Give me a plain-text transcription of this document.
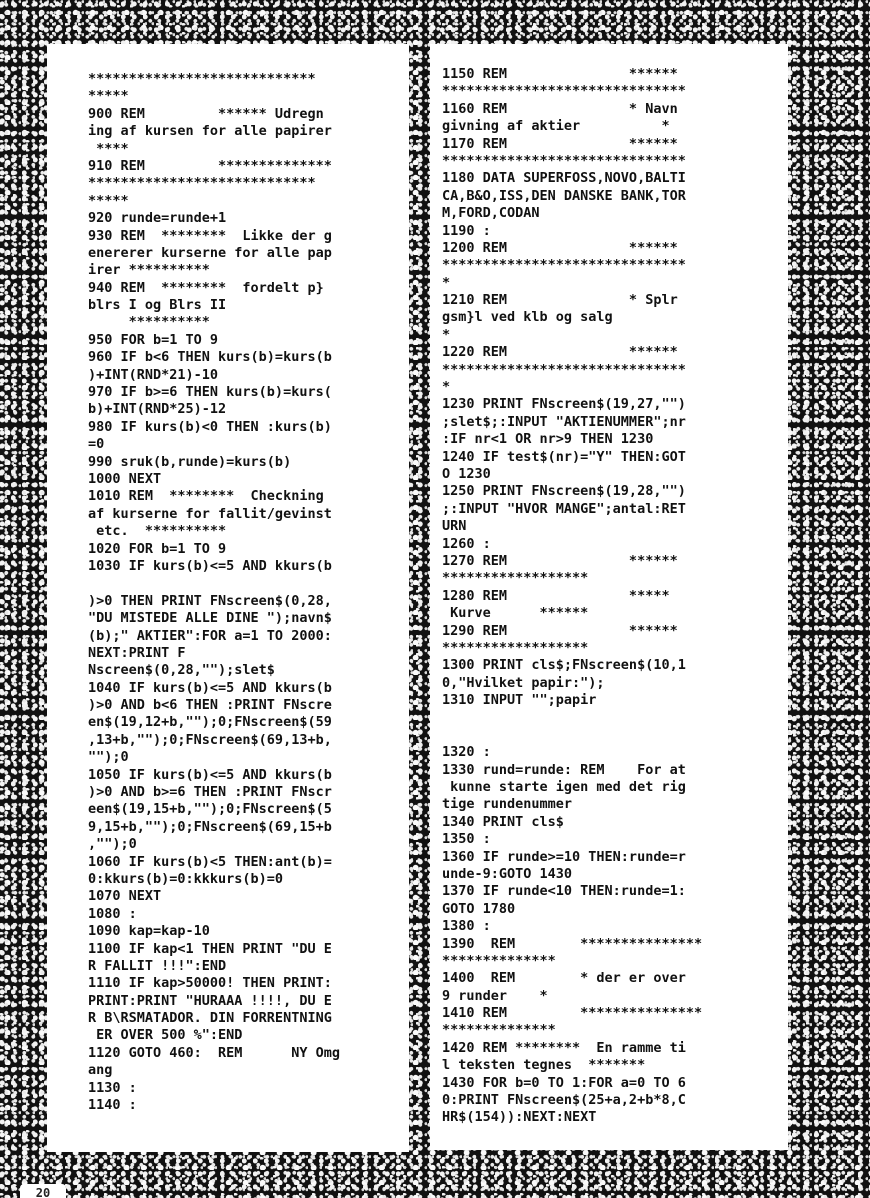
****************************
*****
900 REM         ****** Udregn
ing af kursen for alle papirer
****
910 REM         **************
****************************
*****
920 runde=runde+1
930 REM  ********  Likke der g
enererer kurserne for alle pap
irer **********
940 REM  ********  fordelt p}
blrs I og Blrs II
**********
950 FOR b=1 TO 9
960 IF b<6 THEN kurs(b)=kurs(b
)+INT(RND*21)-10
970 IF b>=6 THEN kurs(b)=kurs(
b)+INT(RND*25)-12
980 IF kurs(b)<0 THEN :kurs(b)
=0
990 sruk(b,runde)=kurs(b)
1000 NEXT
1010 REM  ********  Checkning
af kurserne for fallit/gevinst
etc.  **********
1020 FOR b=1 TO 9
1030 IF kurs(b)<=5 AND kkurs(b
)>0 THEN PRINT FNscreen$(0,28,
"DU MISTEDE ALLE DINE ");navn$
(b);" AKTIER":FOR a=1 TO 2000:
NEXT:PRINT F
Nscreen$(0,28,"");slet$
1040 IF kurs(b)<=5 AND kkurs(b
)>0 AND b<6 THEN :PRINT FNscre
en$(19,12+b,"");0;FNscreen$(59
,13+b,"");0;FNscreen$(69,13+b,
"");0
1050 IF kurs(b)<=5 AND kkurs(b
)>0 AND b>=6 THEN :PRINT FNscr
een$(19,15+b,"");0;FNscreen$(5
9,15+b,"");0;FNscreen$(69,15+b
,"");0
1060 IF kurs(b)<5 THEN:ant(b)=
0:kkurs(b)=0:kkkurs(b)=0
1070 NEXT
1080 :
1090 kap=kap-10
1100 IF kap<1 THEN PRINT "DU E
R FALLIT !!!":END
1110 IF kap>50000! THEN PRINT:
PRINT:PRINT "HURAAA !!!!, DU E
R B\RSMATADOR. DIN FORRENTNING
ER OVER 500 %":END
1120 GOTO 460:  REM      NY Omg
ang
1130 :
1140 :
1150 REM               ******
******************************
1160 REM               * Navn
givning af aktier          *
1170 REM               ******
******************************
1180 DATA SUPERFOSS,NOVO,BALTI
CA,B&O,ISS,DEN DANSKE BANK,TOR
M,FORD,CODAN
1190 :
1200 REM               ******
******************************
*
1210 REM               * Splr
gsm}l ved klb og salg
*
1220 REM               ******
******************************
*
1230 PRINT FNscreen$(19,27,"")
;slet$;:INPUT "AKTIENUMMER";nr
:IF nr<1 OR nr>9 THEN 1230
1240 IF test$(nr)="Y" THEN:GOT
O 1230
1250 PRINT FNscreen$(19,28,"")
;:INPUT "HVOR MANGE";antal:RET
URN
1260 :
1270 REM               ******
******************
1280 REM               *****
Kurve      ******
1290 REM               ******
******************
1300 PRINT cls$;FNscreen$(10,1
0,"Hvilket papir:");
1310 INPUT "";papir
1320 :
1330 rund=runde: REM    For at
kunne starte igen med det rig
tige rundenummer
1340 PRINT cls$
1350 :
1360 IF runde>=10 THEN:runde=r
unde-9:GOTO 1430
1370 IF runde<10 THEN:runde=1:
GOTO 1780
1380 :
1390  REM        ***************
**************
1400  REM        * der er over
9 runder    *
1410 REM         ***************
**************
1420 REM ********  En ramme ti
l teksten tegnes  *******
1430 FOR b=0 TO 1:FOR a=0 TO 6
0:PRINT FNscreen$(25+a,2+b*8,C
HR$(154)):NEXT:NEXT
20
